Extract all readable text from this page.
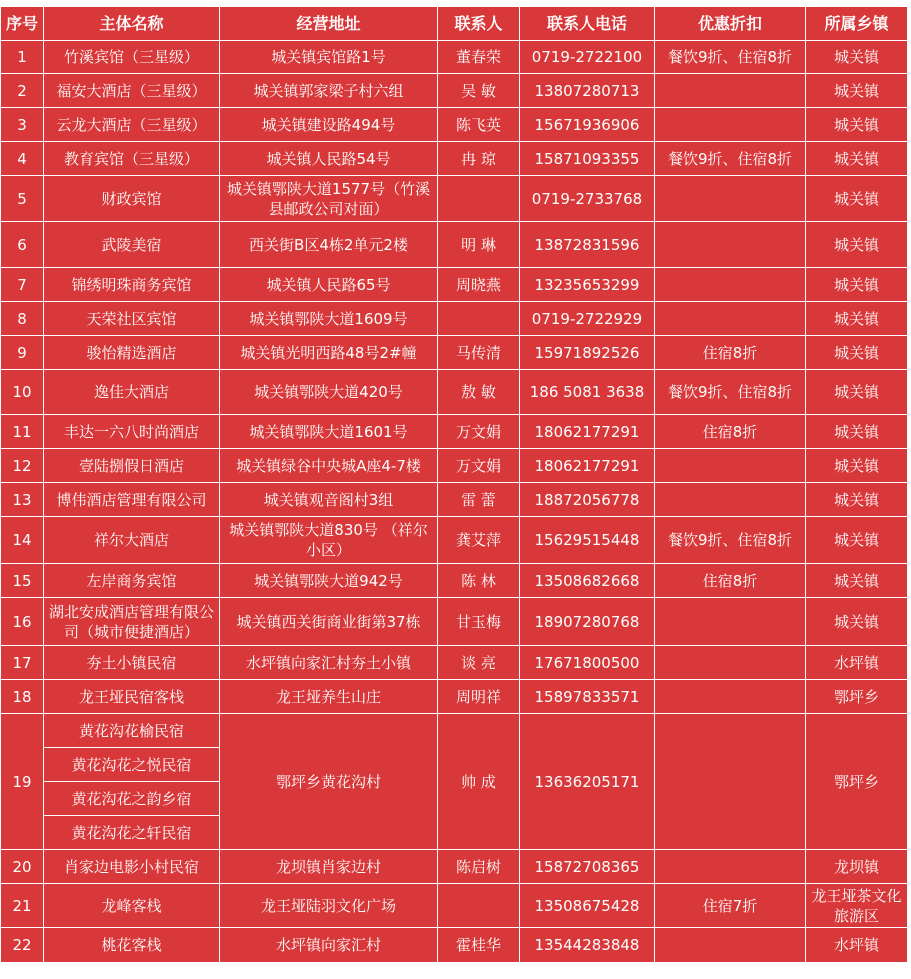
序号	主体名称	经营地址	联系人	联系人电话	优惠折扣	所属乡镇
1	竹溪宾馆（三星级）	城关镇宾馆路1号	董春荣	0719-2722100	餐饮9折、住宿8折	城关镇
2	福安大酒店（三星级）	城关镇郭家梁子村六组	吴 敏	13807280713		城关镇
3	云龙大酒店（三星级）	城关镇建设路494号	陈飞英	15671936906		城关镇
4	教育宾馆（三星级）	城关镇人民路54号	冉 琼	15871093355	餐饮9折、住宿8折	城关镇
5	财政宾馆	城关镇鄂陕大道1577号（竹溪县邮政公司对面）		0719-2733768		城关镇
6	武陵美宿	西关街B区4栋2单元2楼	明 琳	13872831596		城关镇
7	锦绣明珠商务宾馆	城关镇人民路65号	周晓燕	13235653299		城关镇
8	天荣社区宾馆	城关镇鄂陕大道1609号		0719-2722929		城关镇
9	骏怡精选酒店	城关镇光明西路48号2#幢	马传清	15971892526	住宿8折	城关镇
10	逸佳大酒店	城关镇鄂陕大道420号	敖 敏	186 5081 3638	餐饮9折、住宿8折	城关镇
11	丰达一六八时尚酒店	城关镇鄂陕大道1601号	万文娟	18062177291	住宿8折	城关镇
12	壹陆捌假日酒店	城关镇绿谷中央城A座4-7楼	万文娟	18062177291		城关镇
13	博伟酒店管理有限公司	城关镇观音阁村3组	雷 蕾	18872056778		城关镇
14	祥尔大酒店	城关镇鄂陕大道830号 （祥尔小区）	龚艾萍	15629515448	餐饮9折、住宿8折	城关镇
15	左岸商务宾馆	城关镇鄂陕大道942号	陈 林	13508682668	住宿8折	城关镇
16	湖北安成酒店管理有限公司（城市便捷酒店）	城关镇西关街商业街第37栋	甘玉梅	18907280768		城关镇
17	夯土小镇民宿	水坪镇向家汇村夯土小镇	谈 亮	17671800500		水坪镇
18	龙王垭民宿客栈	龙王垭养生山庄	周明祥	15897833571		鄂坪乡
19	黄花沟花榆民宿	鄂坪乡黄花沟村	帅 成	13636205171		鄂坪乡
	黄花沟花之悦民宿					
	黄花沟花之韵乡宿					
	黄花沟花之轩民宿					
20	肖家边电影小村民宿	龙坝镇肖家边村	陈启树	15872708365		龙坝镇
21	龙峰客栈	龙王垭陆羽文化广场		13508675428	住宿7折	龙王垭茶文化旅游区
22	桃花客栈	水坪镇向家汇村	霍桂华	13544283848		水坪镇
